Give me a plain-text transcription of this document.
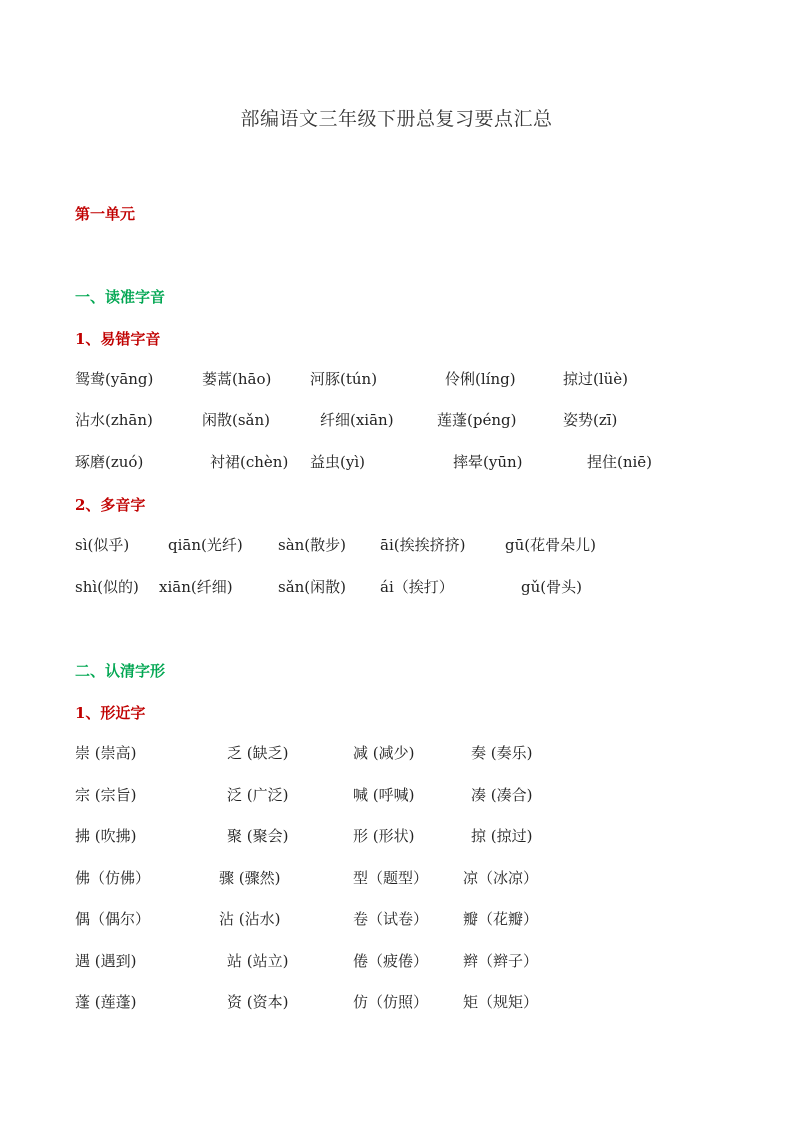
部编语文三年级下册总复习要点汇总
第一单元
一、读准字音
1、易错字音
鸳鸯(yāng)	蒌蒿(hāo)	河豚(tún)	伶俐(líng)	掠过(lüè)
沾水(zhān)	闲散(sǎn)	纤细(xiān)	莲蓬(péng)	姿势(zī)
琢磨(zuó)	衬裙(chèn) 益虫(yì)	摔晕(yūn)	捏住(niē)
2、多音字
sì(似乎)	qiān(光纤) sàn(散步) āi(挨挨挤挤)	gū(花骨朵儿)
shì(似的) xiān(纤细)	sǎn(闲散) ái（挨打）	gǔ(骨头)
二、认清字形
1、形近字
崇 (崇高)	乏 (缺乏)	减 (减少)	奏 (奏乐)
宗 (宗旨)	泛 (广泛)	喊 (呼喊)	凑 (凑合)
拂 (吹拂)	聚 (聚会)	形 (形状)	掠 (掠过)
佛（仿佛）	骤 (骤然)	型（题型） 凉（冰凉）
偶（偶尔）	沾 (沾水)	卷（试卷） 瓣（花瓣）
遇 (遇到)	站 (站立)	倦（疲倦） 辫（辫子）
蓬 (莲蓬)	资 (资本)	仿（仿照） 矩（规矩）
